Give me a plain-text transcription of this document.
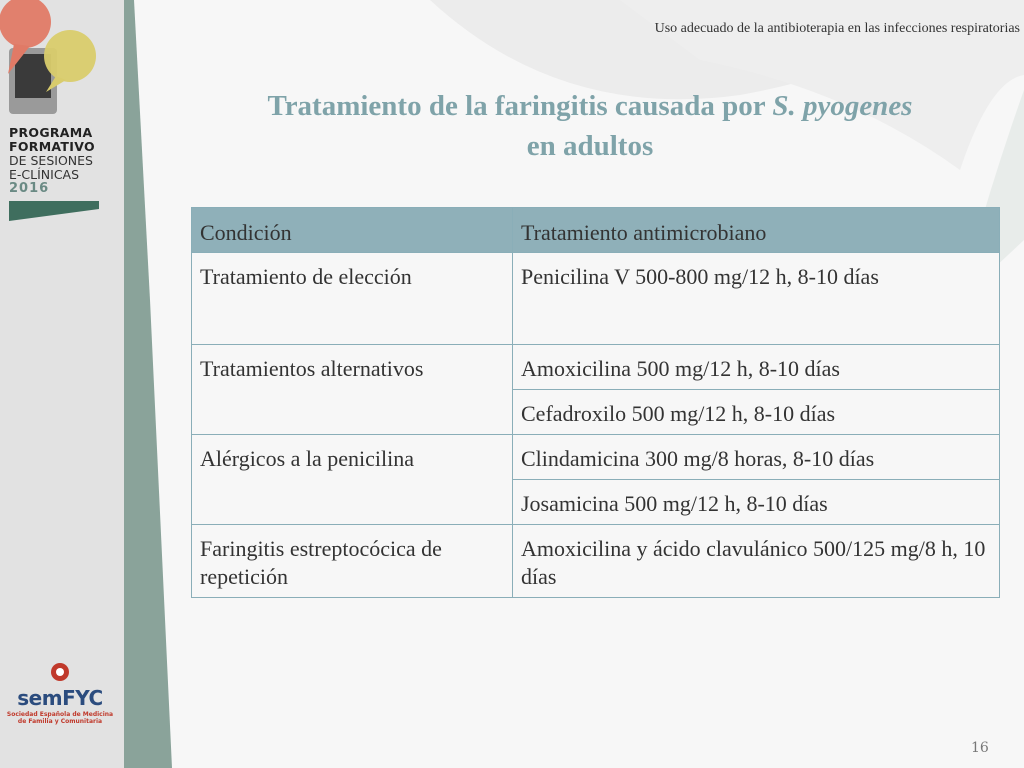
PROGRAMA
FORMATIVO
DE SESIONES
E-CLÍNICAS
2016
semFYC
Sociedad Española de Medicina
de Familia y Comunitaria
Uso adecuado de la antibioterapia en las infecciones respiratorias
Tratamiento de la faringitis causada por S. pyogenes
en adultos
Condición	Tratamiento antimicrobiano
Tratamiento de elección	Penicilina V 500-800 mg/12 h, 8-10 días
Tratamientos alternativos	Amoxicilina 500 mg/12 h, 8-10 días
	Cefadroxilo 500 mg/12 h, 8-10 días
Alérgicos a la penicilina	Clindamicina 300 mg/8 horas, 8-10 días
	Josamicina 500 mg/12 h, 8-10 días
Faringitis estreptocócica de repetición	Amoxicilina y ácido clavulánico 500/125 mg/8 h, 10 días
16
